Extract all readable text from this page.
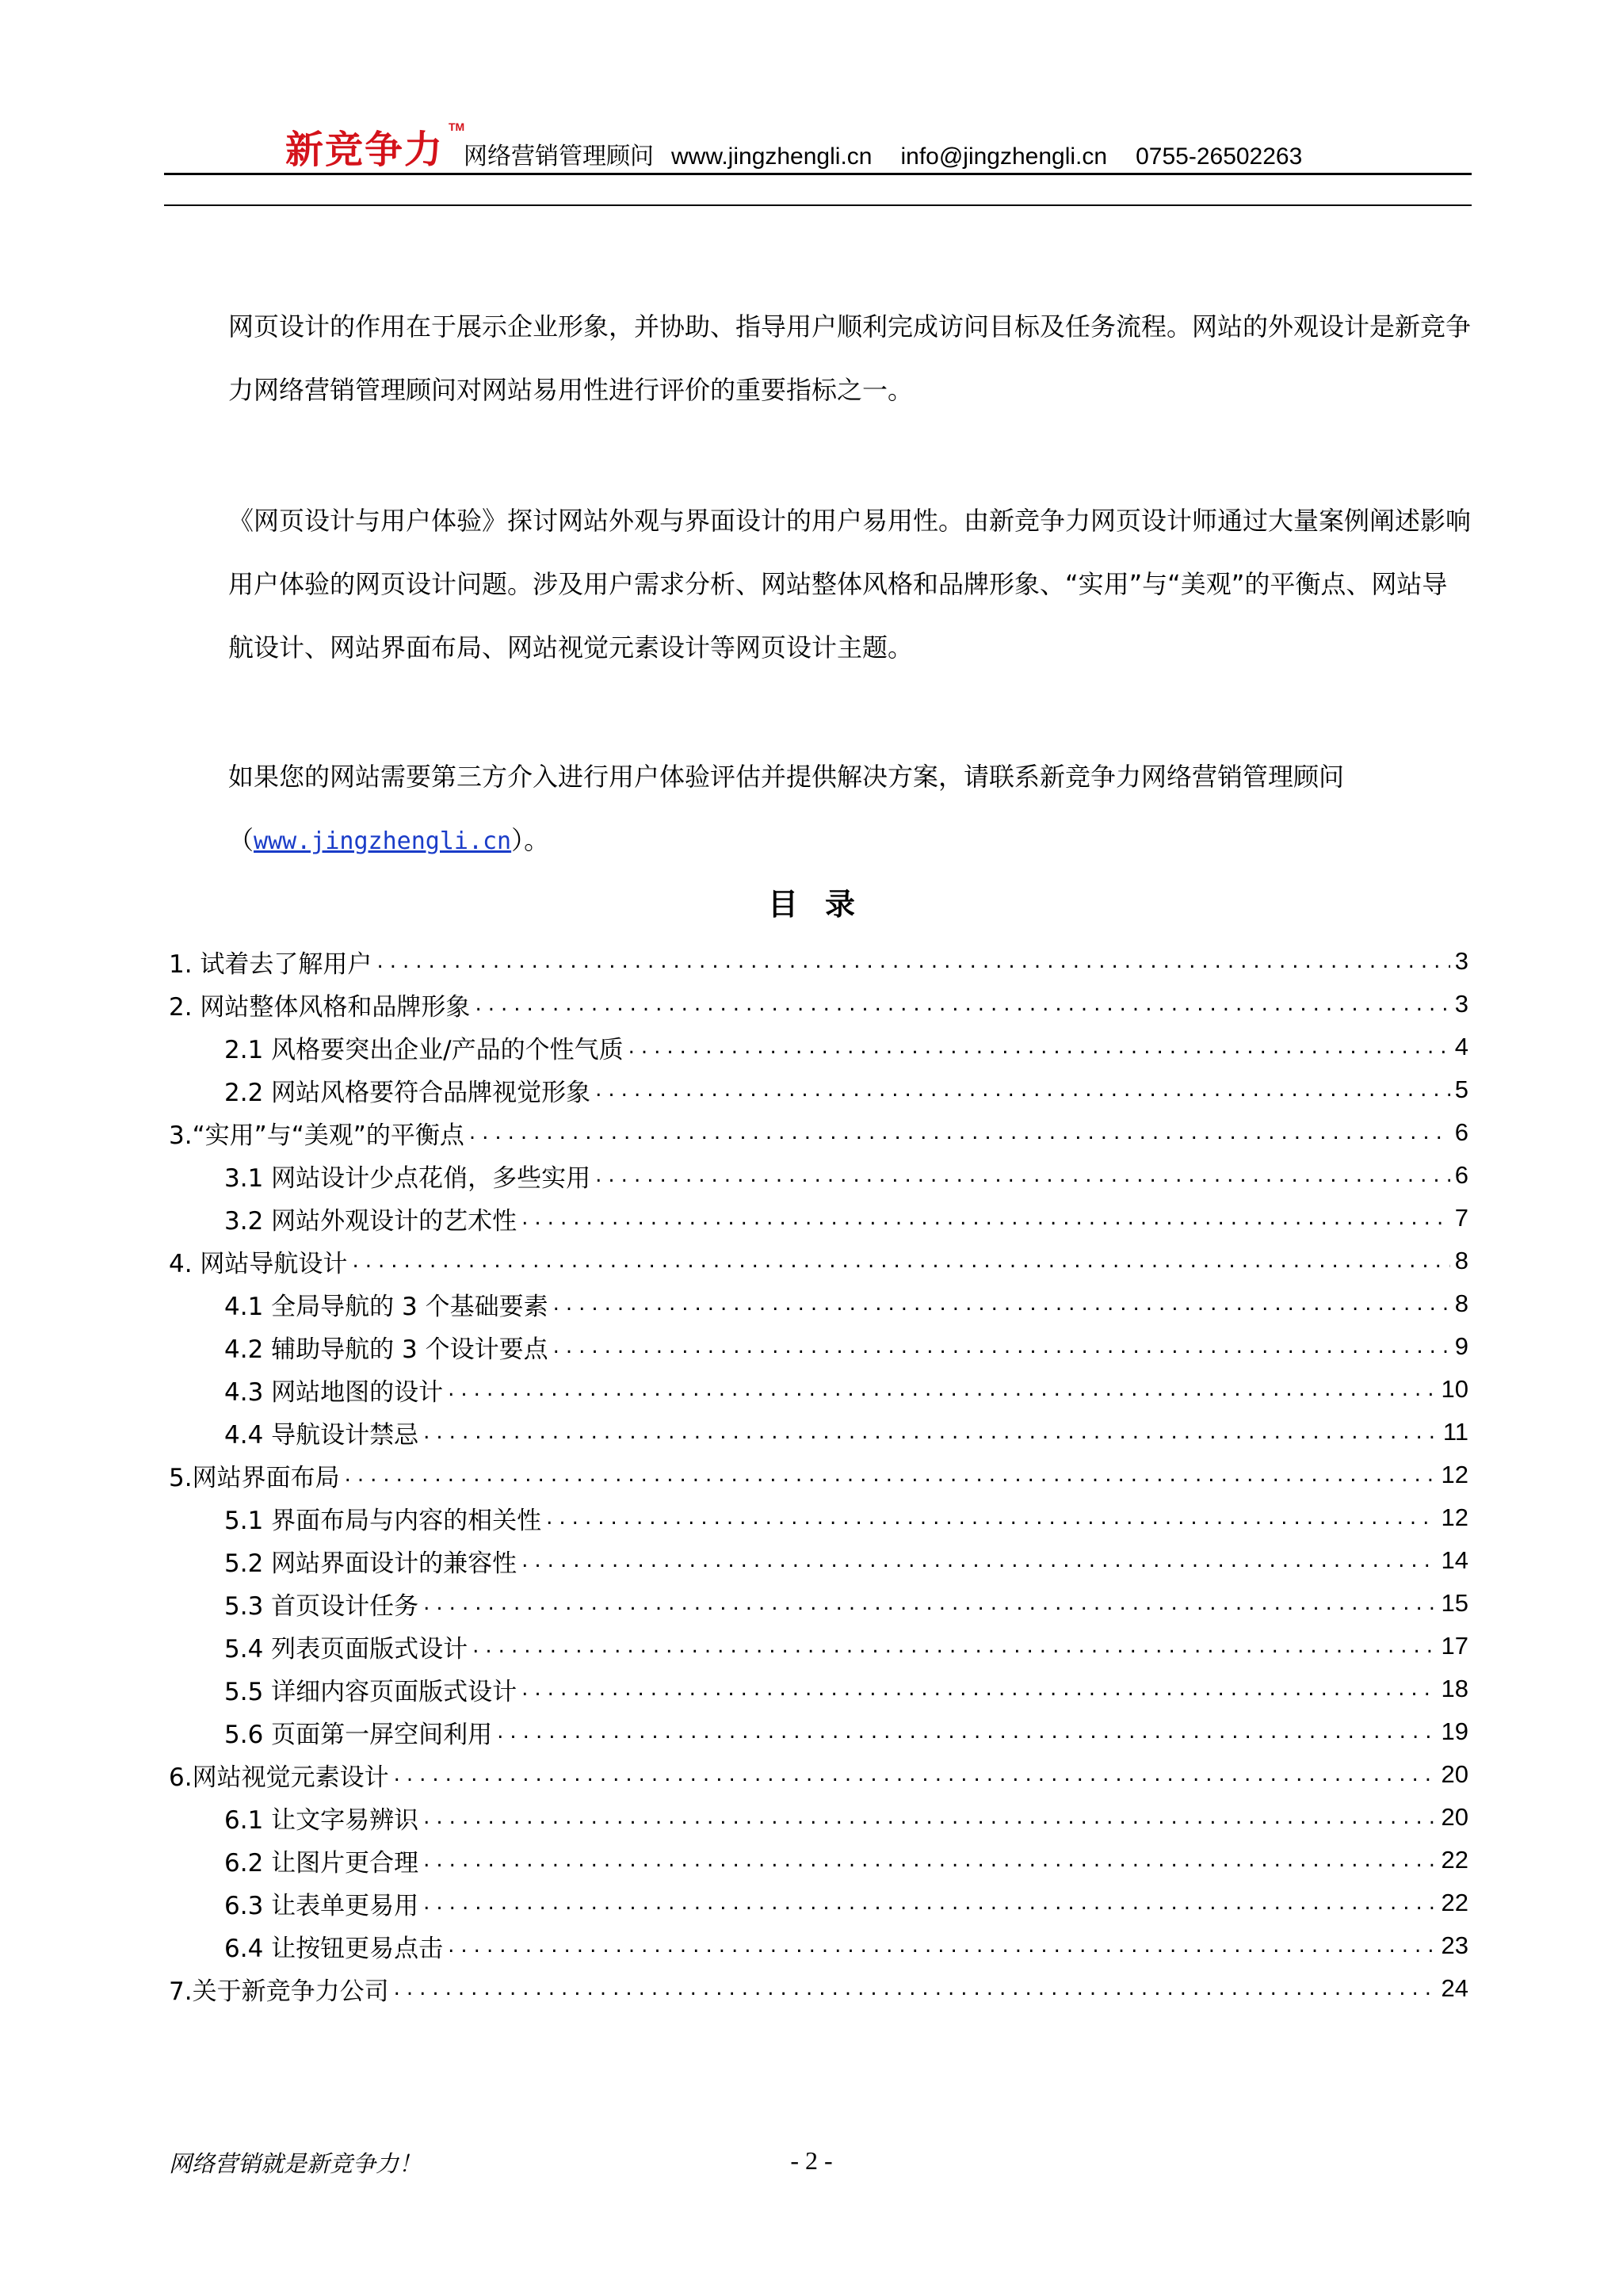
新竞争力
TM
网络营销管理顾问 www.jingzhengli.cn info@jingzhengli.cn 0755-26502263

网页设计的作用在于展示企业形象，并协助、指导用户顺利完成访问目标及任务流程。网站的外观设计是新竞争力网络营销管理顾问对网站易用性进行评价的重要指标之一。

《网页设计与用户体验》探讨网站外观与界面设计的用户易用性。由新竞争力网页设计师通过大量案例阐述影响用户体验的网页设计问题。涉及用户需求分析、网站整体风格和品牌形象、“实用”与“美观”的平衡点、网站导航设计、网站界面布局、网站视觉元素设计等网页设计主题。

如果您的网站需要第三方介入进行用户体验评估并提供解决方案，请联系新竞争力网络营销管理顾问（www.jingzhengli.cn）。

目录
1. 试着去了解用户 .....	3
2. 网站整体风格和品牌形象 .....	3
2.1 风格要突出企业/产品的个性气质 .....	4
2.2 网站风格要符合品牌视觉形象 .....	5
3.“实用”与“美观”的平衡点 .....	6
3.1 网站设计少点花俏，多些实用 .....	6
3.2 网站外观设计的艺术性 .....	7
4. 网站导航设计 .....	8
4.1 全局导航的 3 个基础要素 .....	8
4.2 辅助导航的 3 个设计要点 .....	9
4.3 网站地图的设计 .....	10
4.4 导航设计禁忌 .....	11
5.网站界面布局 .....	12
5.1 界面布局与内容的相关性 .....	12
5.2 网站界面设计的兼容性 .....	14
5.3 首页设计任务 .....	15
5.4 列表页面版式设计 .....	17
5.5 详细内容页面版式设计 .....	18
5.6 页面第一屏空间利用 .....	19
6.网站视觉元素设计 .....	20
6.1 让文字易辨识 .....	20
6.2 让图片更合理 .....	22
6.3 让表单更易用 .....	22
6.4 让按钮更易点击 .....	23
7.关于新竞争力公司 .....	24
网络营销就是新竞争力！	- 2 -
